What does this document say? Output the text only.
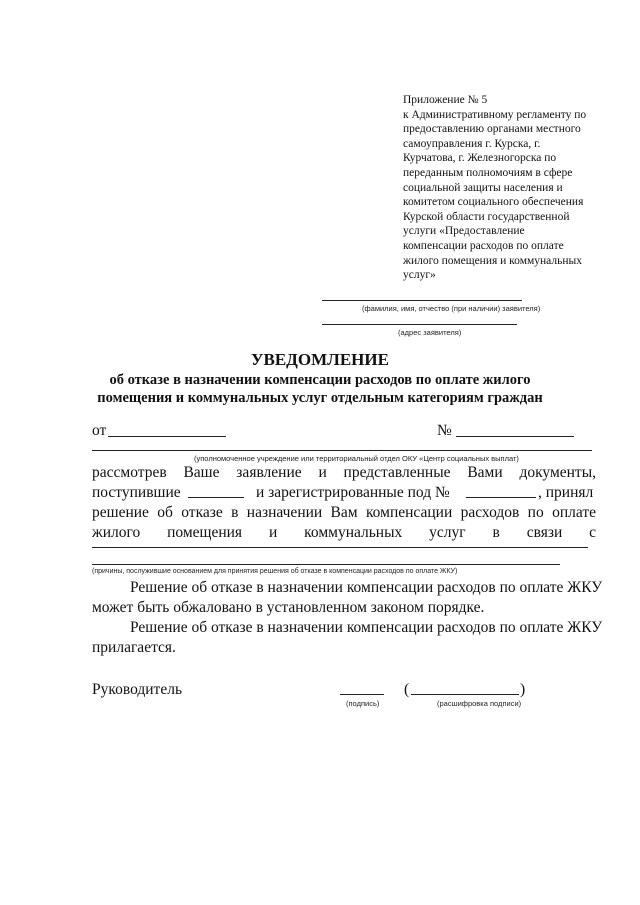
Приложение № 5
к Административному регламенту по
предоставлению органами местного
самоуправления г. Курска, г.
Курчатова, г. Железногорска по
переданным полномочиям в сфере
социальной защиты населения и
комитетом социального обеспечения
Курской области государственной
услуги «Предоставление
компенсации расходов по оплате
жилого помещения и коммунальных
услуг»
(фамилия, имя, отчество (при наличии) заявителя)
(адрес заявителя)
УВЕДОМЛЕНИЕ
об отказе в назначении компенсации расходов по оплате жилого
помещения и коммунальных услуг отдельным категориям граждан
от	№
(уполномоченное учреждение или территориальный отдел ОКУ «Центр социальных выплат)
рассмотрев Ваше заявление и представленные Вами документы,
поступившие	и зарегистрированные под №	, принял
решение об отказе в назначении Вам компенсации расходов по оплате
жилого помещения и коммунальных услуг в связи с
(причины, послужившие основанием для принятия решения об отказе в компенсации расходов по оплате ЖКУ)
Решение об отказе в назначении компенсации расходов по оплате ЖКУ
может быть обжаловано в установленном законом порядке.
Решение об отказе в назначении компенсации расходов по оплате ЖКУ
прилагается.
Руководитель
(подпись)
(	)
(расшифровка подписи)
